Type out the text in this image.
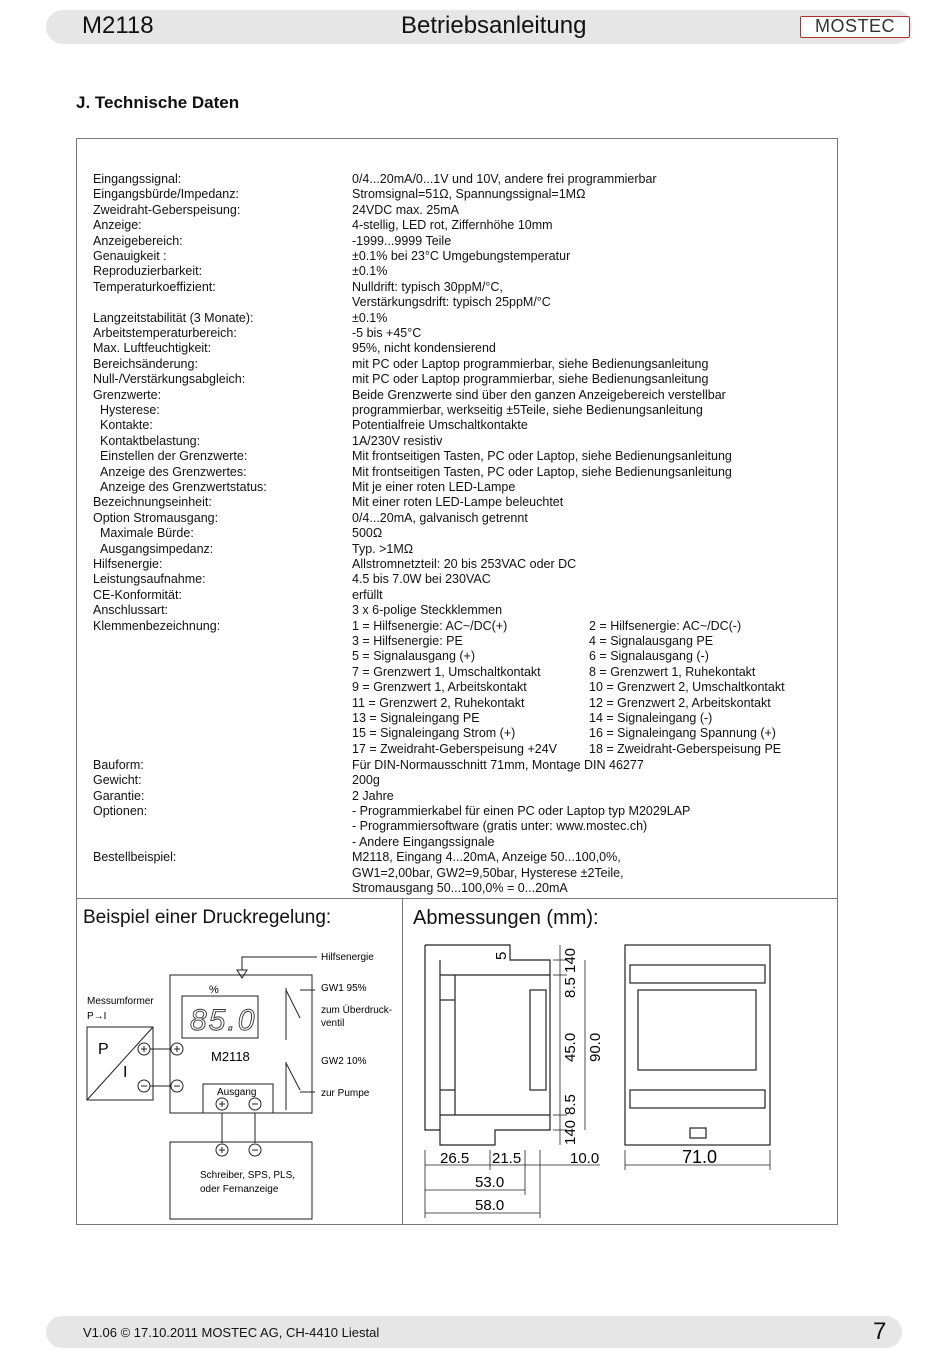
M2118	Betriebsanleitung	MOSTEC
J. Technische Daten
Eingangssignal:	0/4...20mA/0...1V und 10V, andere frei programmierbar
Eingangsbürde/Impedanz:	Stromsignal=51Ω, Spannungssignal=1MΩ
Zweidraht-Geberspeisung:	24VDC max. 25mA
Anzeige:	4-stellig, LED rot, Ziffernhöhe 10mm
Anzeigebereich:	-1999...9999 Teile
Genauigkeit :	±0.1% bei 23°C Umgebungstemperatur
Reproduzierbarkeit:	±0.1%
Temperaturkoeffizient:	Nulldrift: typisch 30ppM/°C,
Verstärkungsdrift: typisch 25ppM/°C
Langzeitstabilität (3 Monate):	±0.1%
Arbeitstemperaturbereich:	-5 bis +45°C
Max. Luftfeuchtigkeit:	95%, nicht kondensierend
Bereichsänderung:	mit PC oder Laptop programmierbar, siehe Bedienungsanleitung
Null-/Verstärkungsabgleich:	mit PC oder Laptop programmierbar, siehe Bedienungsanleitung
Grenzwerte:	Beide Grenzwerte sind über den ganzen Anzeigebereich verstellbar
Hysterese:	programmierbar, werkseitig ±5Teile, siehe Bedienungsanleitung
Kontakte:	Potentialfreie Umschaltkontakte
Kontaktbelastung:	1A/230V resistiv
Einstellen der Grenzwerte:	Mit frontseitigen Tasten, PC oder Laptop, siehe Bedienungsanleitung
Anzeige des Grenzwertes:	Mit frontseitigen Tasten, PC oder Laptop, siehe Bedienungsanleitung
Anzeige des Grenzwertstatus:	Mit je einer roten LED-Lampe
Bezeichnungseinheit:	Mit einer roten LED-Lampe beleuchtet
Option Stromausgang:	0/4...20mA, galvanisch getrennt
Maximale Bürde:	500Ω
Ausgangsimpedanz:	Typ. >1MΩ
Hilfsenergie:	Allstromnetzteil: 20 bis 253VAC oder DC
Leistungsaufnahme:	4.5 bis 7.0W bei 230VAC
CE-Konformität:	erfüllt
Anschlussart:	3 x 6-polige Steckklemmen
Klemmenbezeichnung:	1 = Hilfsenergie: AC~/DC(+)	2 = Hilfsenergie: AC~/DC(-)
3 = Hilfsenergie: PE	4 = Signalausgang PE
5 = Signalausgang (+)	6 = Signalausgang (-)
7 = Grenzwert 1, Umschaltkontakt	8 = Grenzwert 1, Ruhekontakt
9 = Grenzwert 1, Arbeitskontakt	10 = Grenzwert 2, Umschaltkontakt
11 = Grenzwert 2, Ruhekontakt	12 = Grenzwert 2, Arbeitskontakt
13 = Signaleingang PE	14 = Signaleingang (-)
15 = Signaleingang Strom (+)	16 = Signaleingang Spannung (+)
17 = Zweidraht-Geberspeisung +24V	18 = Zweidraht-Geberspeisung PE
Bauform:	Für DIN-Normausschnitt 71mm, Montage DIN 46277
Gewicht:	200g
Garantie:	2 Jahre
Optionen:	- Programmierkabel für einen PC oder Laptop typ M2029LAP
- Programmiersoftware (gratis unter: www.mostec.ch)
- Andere Eingangssignale
Bestellbeispiel:	M2118, Eingang 4...20mA, Anzeige 50...100,0%,
GW1=2,00bar, GW2=9,50bar, Hysterese ±2Teile,
Stromausgang 50...100,0% = 0...20mA
Beispiel einer Druckregelung:	Abmessungen (mm):
Hilfsenergie
Messumformer
P→I
P
I
%
85.0
M2118
Ausgang
GW1 95%
zum Überdruck-
ventil
GW2 10%
zur Pumpe
Schreiber, SPS, PLS,
oder Fernanzeige
5	140
8.5
45.0 90.0
8.5
140
26.5 21.5	10.0
53.0
58.0
71.0
V1.06 © 17.10.2011 MOSTEC AG, CH-4410 Liestal	7
